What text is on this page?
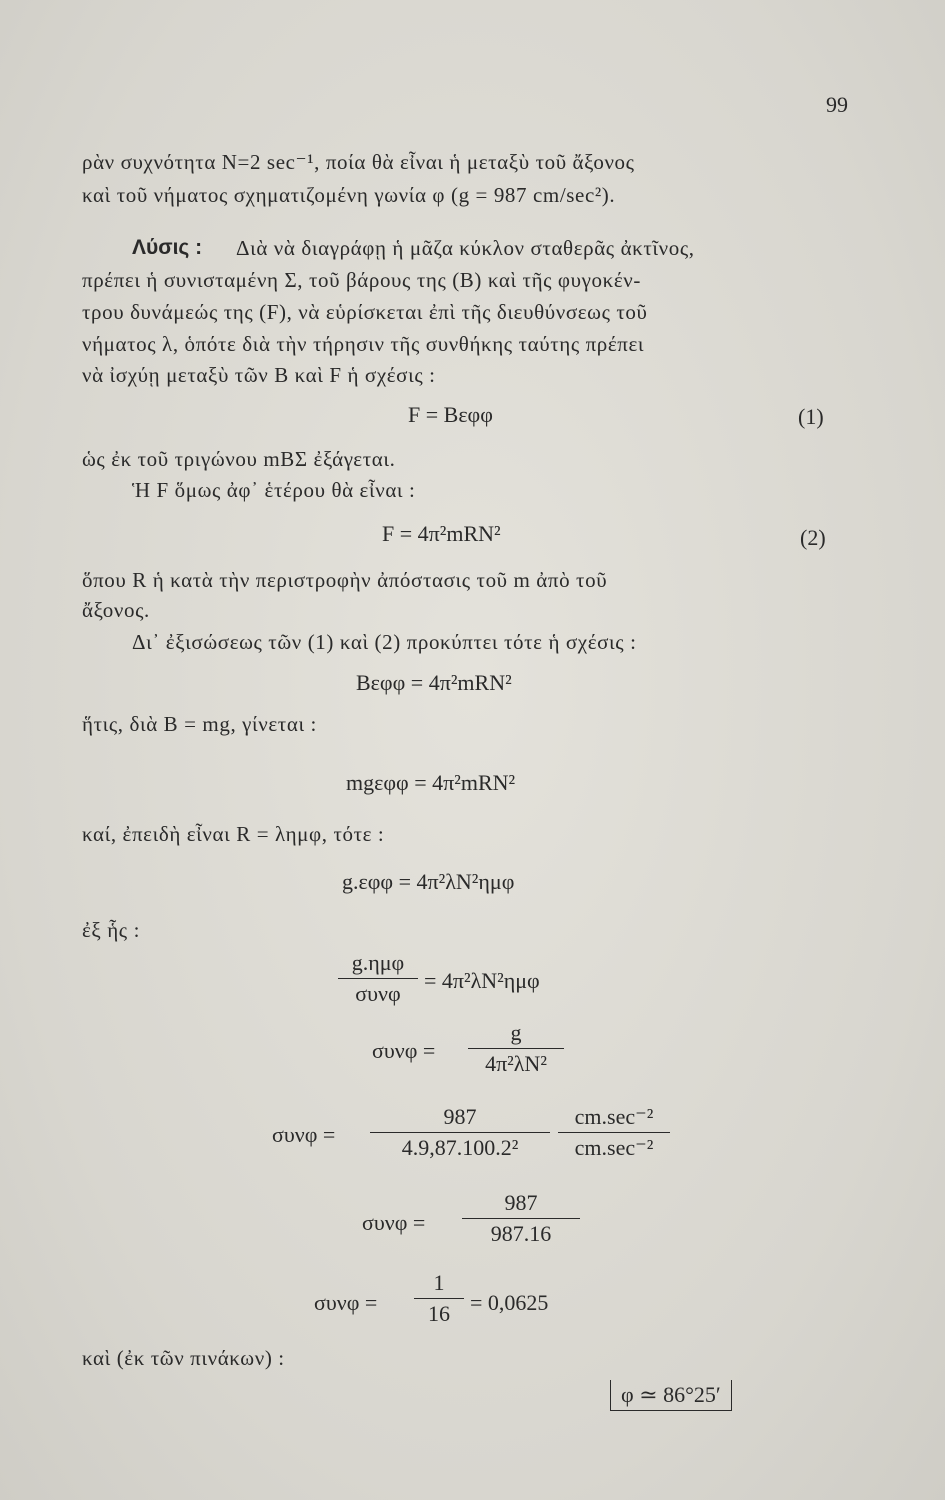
99
ρὰν συχνότητα N=2 sec⁻¹, ποία θὰ εἶναι ἡ μεταξὺ τοῦ ἄξονος
καὶ τοῦ νήματος σχηματιζομένη γωνία φ (g = 987 cm/sec²).
Λύσις : Διὰ νὰ διαγράφῃ ἡ μᾶζα κύκλον σταθερᾶς ἀκτῖνος,
πρέπει ἡ συνισταμένη Σ, τοῦ βάρους της (B) καὶ τῆς φυγοκέν-
τρου δυνάμεώς της (F), νὰ εὑρίσκεται ἐπὶ τῆς διευθύνσεως τοῦ
νήματος λ, ὁπότε διὰ τὴν τήρησιν τῆς συνθήκης ταύτης πρέπει
νὰ ἰσχύῃ μεταξὺ τῶν B καὶ F ἡ σχέσις :
F = Bεφφ	(1)
ὡς ἐκ τοῦ τριγώνου mBΣ ἐξάγεται.
Ἡ F ὅμως ἀφ᾽ ἑτέρου θὰ εἶναι :
F = 4π²mRN²	(2)
ὅπου R ἡ κατὰ τὴν περιστροφὴν ἀπόστασις τοῦ m ἀπὸ τοῦ
ἄξονος.
Δι᾽ ἐξισώσεως τῶν (1) καὶ (2) προκύπτει τότε ἡ σχέσις :
Bεφφ = 4π²mRN²
ἥτις, διὰ B = mg, γίνεται :
mgεφφ = 4π²mRN²
καί, ἐπειδὴ εἶναι R = λημφ, τότε :
g.εφφ = 4π²λN²ημφ
ἐξ ἧς :
g.ημφ
συνφ
= 4π²λN²ημφ
συνφ =
g
4π²λN²
συνφ =
987
4.9,87.100.2²
cm.sec⁻²
cm.sec⁻²
συνφ =
987
987.16
συνφ =
1
16 = 0,0625
καὶ (ἐκ τῶν πινάκων) :
φ ≃ 86°25′
